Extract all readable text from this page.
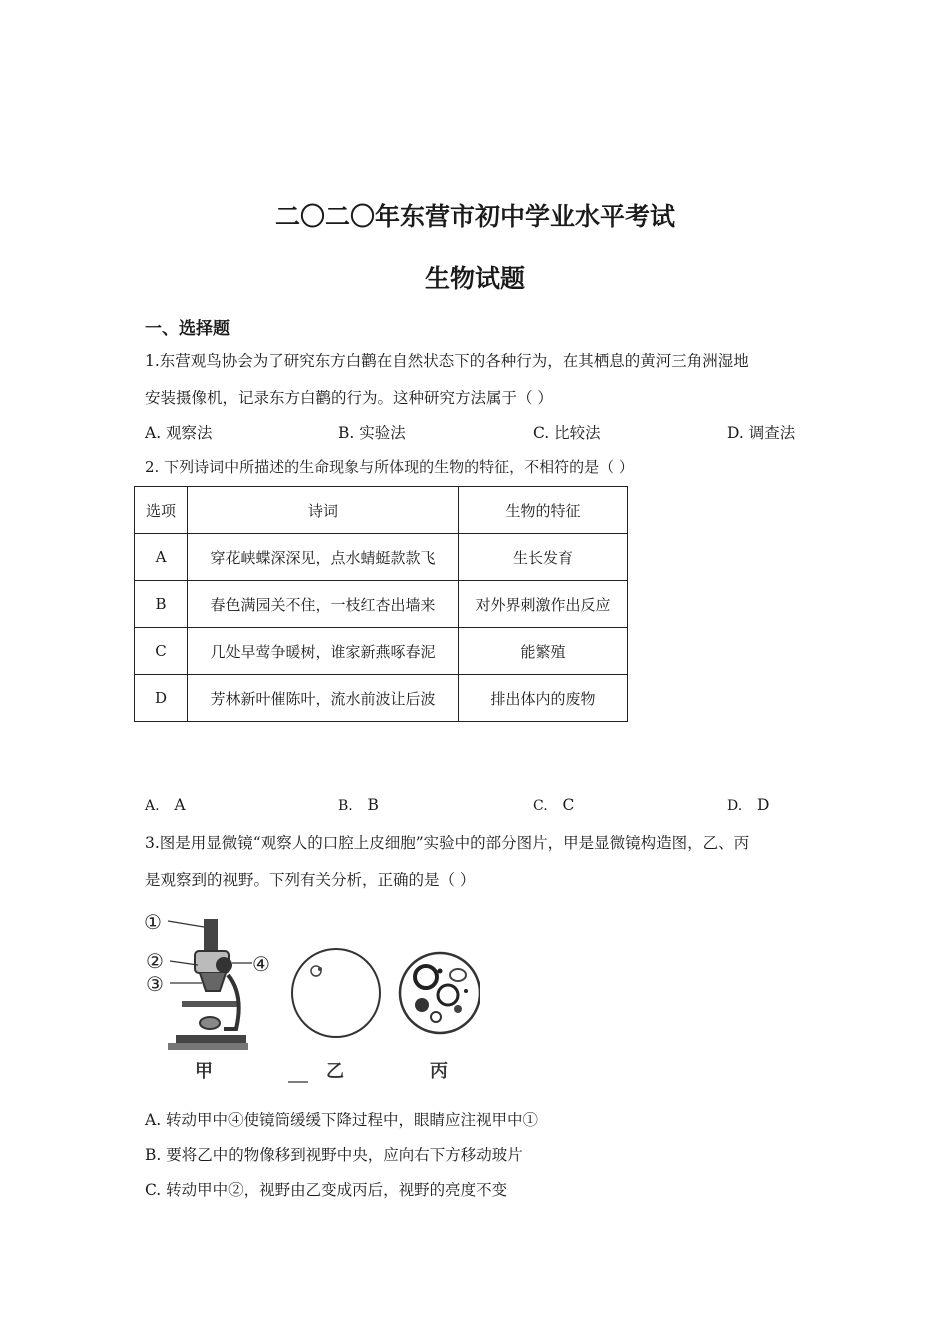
二〇二〇年东营市初中学业水平考试
生物试题
一、选择题
1.东营观鸟协会为了研究东方白鹳在自然状态下的各种行为，在其栖息的黄河三角洲湿地
安装摄像机，记录东方白鹳的行为。这种研究方法属于（ ）
A. 观察法	B. 实验法	C. 比较法	D. 调查法
2. 下列诗词中所描述的生命现象与所体现的生物的特征，不相符的是（ ）
选项	诗词	生物的特征
A	穿花峡蝶深深见，点水蜻蜓款款飞	生长发育
B	春色满园关不住，一枝红杏出墙来	对外界刺激作出反应
C	几处早莺争暖树，谁家新燕啄春泥	能繁殖
D	芳林新叶催陈叶，流水前波让后波	排出体内的废物
A. A	B. B	C. C	D. D
3.图是用显微镜“观察人的口腔上皮细胞”实验中的部分图片，甲是显微镜构造图，乙、丙
是观察到的视野。下列有关分析，正确的是（ ）
①
②
③
④
甲	乙	丙
A. 转动甲中④使镜筒缓缓下降过程中，眼睛应注视甲中①
B. 要将乙中的物像移到视野中央，应向右下方移动玻片
C. 转动甲中②，视野由乙变成丙后，视野的亮度不变
